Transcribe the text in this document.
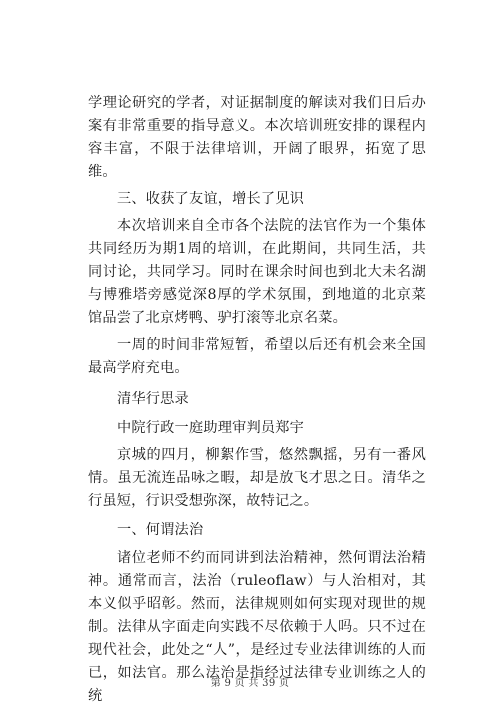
学理论研究的学者，对证据制度的解读对我们日后办案有非常重要的指导意义。本次培训班安排的课程内容丰富，不限于法律培训，开阔了眼界，拓宽了思维。

三、收获了友谊，增长了见识

本次培训来自全市各个法院的法官作为一个集体共同经历为期1周的培训，在此期间，共同生活，共同讨论，共同学习。同时在课余时间也到北大未名湖与博雅塔旁感觉深8厚的学术氛围，到地道的北京菜馆品尝了北京烤鸭、驴打滚等北京名菜。

一周的时间非常短暂，希望以后还有机会来全国最高学府充电。

清华行思录

中院行政一庭助理审判员郑宇

京城的四月，柳絮作雪，悠然飘摇，另有一番风情。虽无流连品咏之暇，却是放飞才思之日。清华之行虽短，行识受想弥深，故特记之。

一、何谓法治

诸位老师不约而同讲到法治精神，然何谓法治精神。通常而言，法治（ruleoflaw）与人治相对，其本义似乎昭彰。然而，法律规则如何实现对现世的规制。法律从字面走向实践不尽依赖于人吗。只不过在现代社会，此处之“人”，是经过专业法律训练的人而已，如法官。那么法治是指经过法律专业训练之人的统

第 9 页 共 39 页
